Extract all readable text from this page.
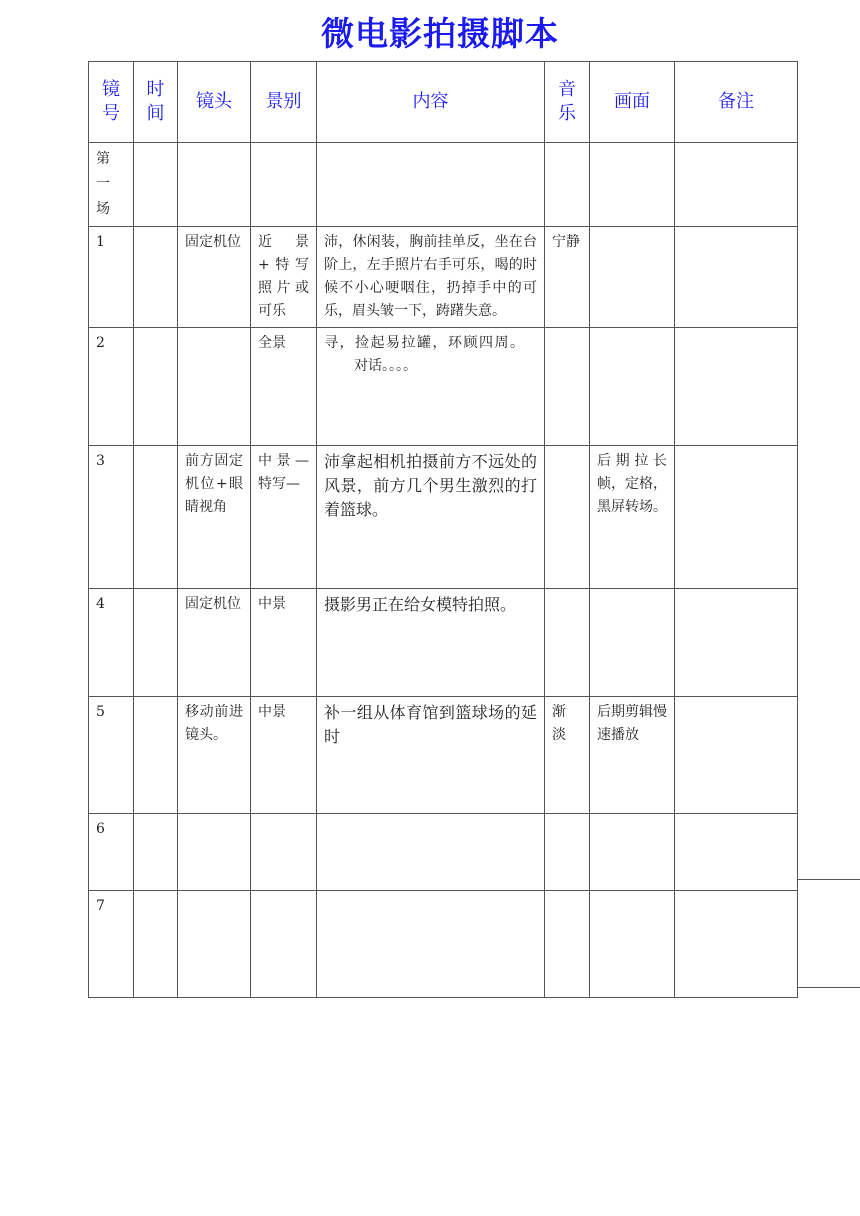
微电影拍摄脚本
镜号	时间	镜头	景别	内容	音乐	画面	备注
第一场							
1		固定机位	近景+特写照片或可乐	沛，休闲装，胸前挂单反，坐在台阶上，左手照片右手可乐，喝的时候不小心哽咽住，扔掉手中的可乐，眉头皱一下，踌躇失意。	宁静		
2			全景	寻，捡起易拉罐，环顾四周。
对话。。。。			

3		前方固定机位+眼睛视角	中景—特写—	沛拿起相机拍摄前方不远处的风景，前方几个男生激烈的打着篮球。		后期拉长帧，定格，黑屏转场。	
4		固定机位	中景	摄影男正在给女模特拍照。			
5		移动前进镜头。	中景	补一组从体育馆到篮球场的延时	渐淡	后期剪辑慢速播放	
6							
7							
